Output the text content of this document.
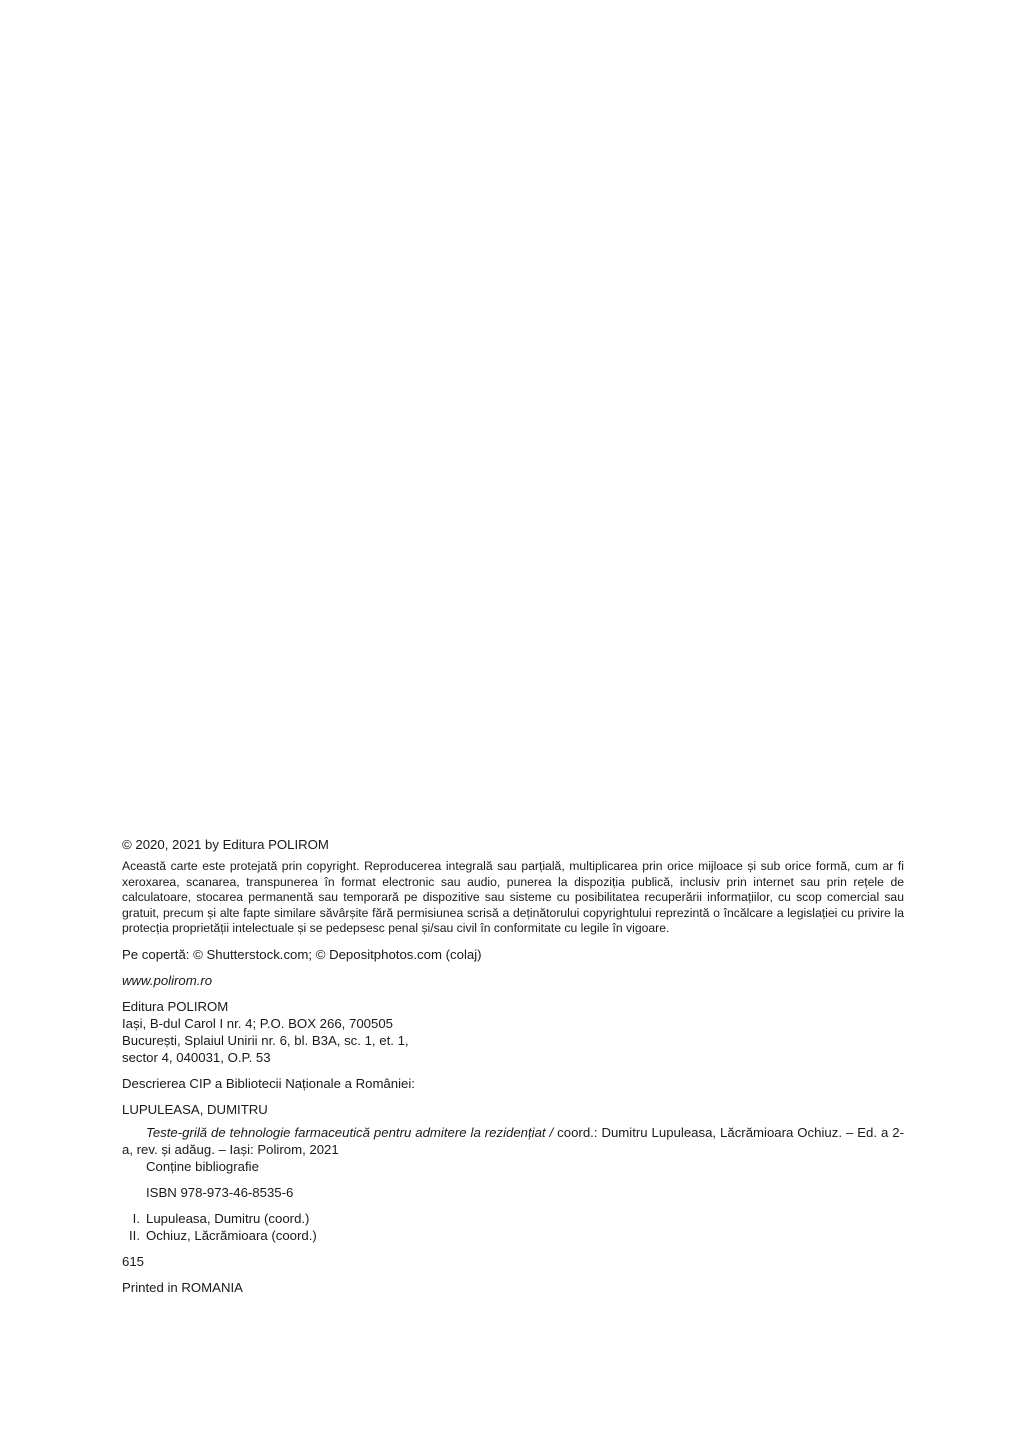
© 2020, 2021 by Editura POLIROM

Această carte este protejată prin copyright. Reproducerea integrală sau parțială, multiplicarea prin orice mijloace și sub orice formă, cum ar fi xeroxarea, scanarea, transpunerea în format electronic sau audio, punerea la dispoziția publică, inclusiv prin internet sau prin rețele de calculatoare, stocarea permanentă sau temporară pe dispozitive sau sisteme cu posibilitatea recuperării informațiilor, cu scop comercial sau gratuit, precum și alte fapte similare săvârșite fără permisiunea scrisă a deținătorului copyrightului reprezintă o încălcare a legislației cu privire la protecția proprietății intelectuale și se pedepsesc penal și/sau civil în conformitate cu legile în vigoare.

Pe copertă: © Shutterstock.com; © Depositphotos.com (colaj)

www.polirom.ro

Editura POLIROM

Iași, B-dul Carol I nr. 4; P.O. BOX 266, 700505

București, Splaiul Unirii nr. 6, bl. B3A, sc. 1, et. 1,

sector 4, 040031, O.P. 53

Descrierea CIP a Bibliotecii Naționale a României:

LUPULEASA, DUMITRU

Teste-grilă de tehnologie farmaceutică pentru admitere la rezidențiat / coord.: Dumitru Lupuleasa, Lăcrămioara Ochiuz. – Ed. a 2-a, rev. și adăug. – Iași: Polirom, 2021

Conține bibliografie

ISBN 978-973-46-8535-6

I. Lupuleasa, Dumitru (coord.)
II. Ochiuz, Lăcrămioara (coord.)

615

Printed in ROMANIA
